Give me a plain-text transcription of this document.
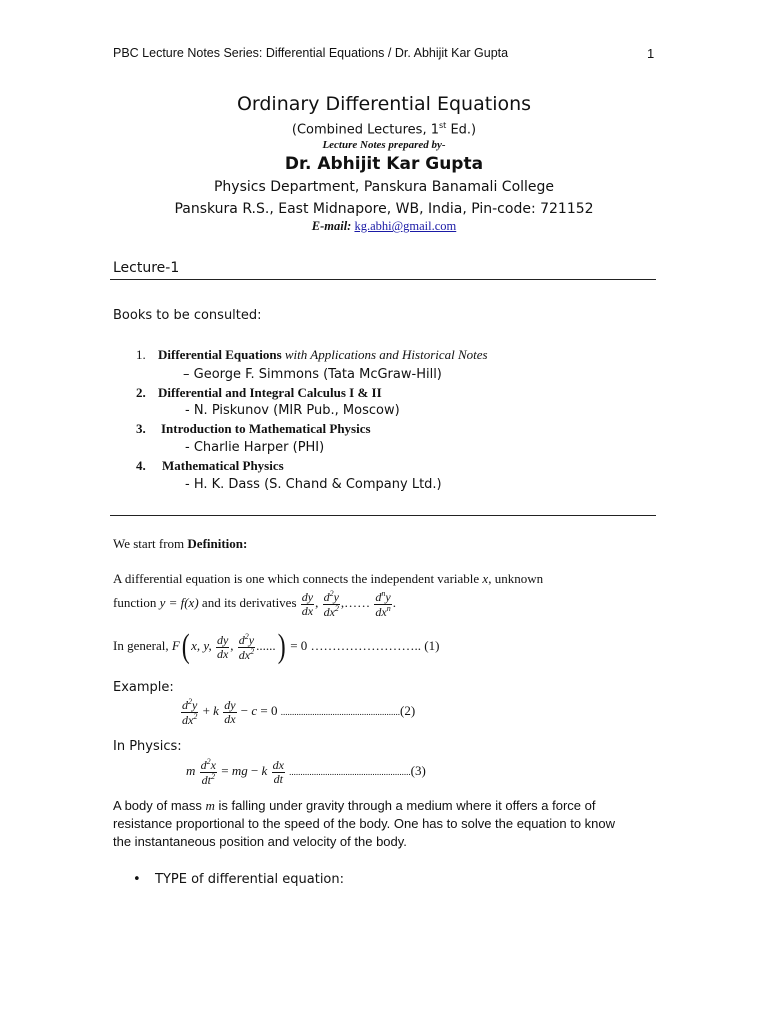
PBC Lecture Notes Series: Differential Equations / Dr. Abhijit Kar Gupta	1

Ordinary Differential Equations

(Combined Lectures, 1st Ed.)

Lecture Notes prepared by-

Dr. Abhijit Kar Gupta

Physics Department, Panskura Banamali College

Panskura R.S., East Midnapore, WB, India, Pin-code: 721152

E-mail: kg.abhi@gmail.com

Lecture-1

Books to be consulted:

1. Differential Equations with Applications and Historical Notes

– George F. Simmons (Tata McGraw-Hill)

2. Differential and Integral Calculus I & II

- N. Piskunov (MIR Pub., Moscow)

3. Introduction to Mathematical Physics

- Charlie Harper (PHI)

4. Mathematical Physics

- H. K. Dass (S. Chand & Company Ltd.)

We start from Definition:

A differential equation is one which connects the independent variable x, unknown

function y = f(x) and its derivatives $\frac{dy}{dx}$ , $\frac{d^2y}{dx^2}$ ,…… $\frac{d^ny}{dx^n}$ .

In general, F( x, y, $\frac{dy}{dx}$ , $\frac{d^2y}{dx^2}$ ......) = 0 …………………….. (1)

Example:

$\frac{d^2y}{dx^2} + k \frac{dy}{dx} - c = 0$ .....................................................(2)

In Physics:

m $\frac{d^2x}{dt^2}$ = mg − k $\frac{dx}{dt} ......................................................(3)$

A body of mass m is falling under gravity through a medium where it offers a force of

resistance proportional to the speed of the body. One has to solve the equation to know

the instantaneous position and velocity of the body.

• TYPE of differential equation:
